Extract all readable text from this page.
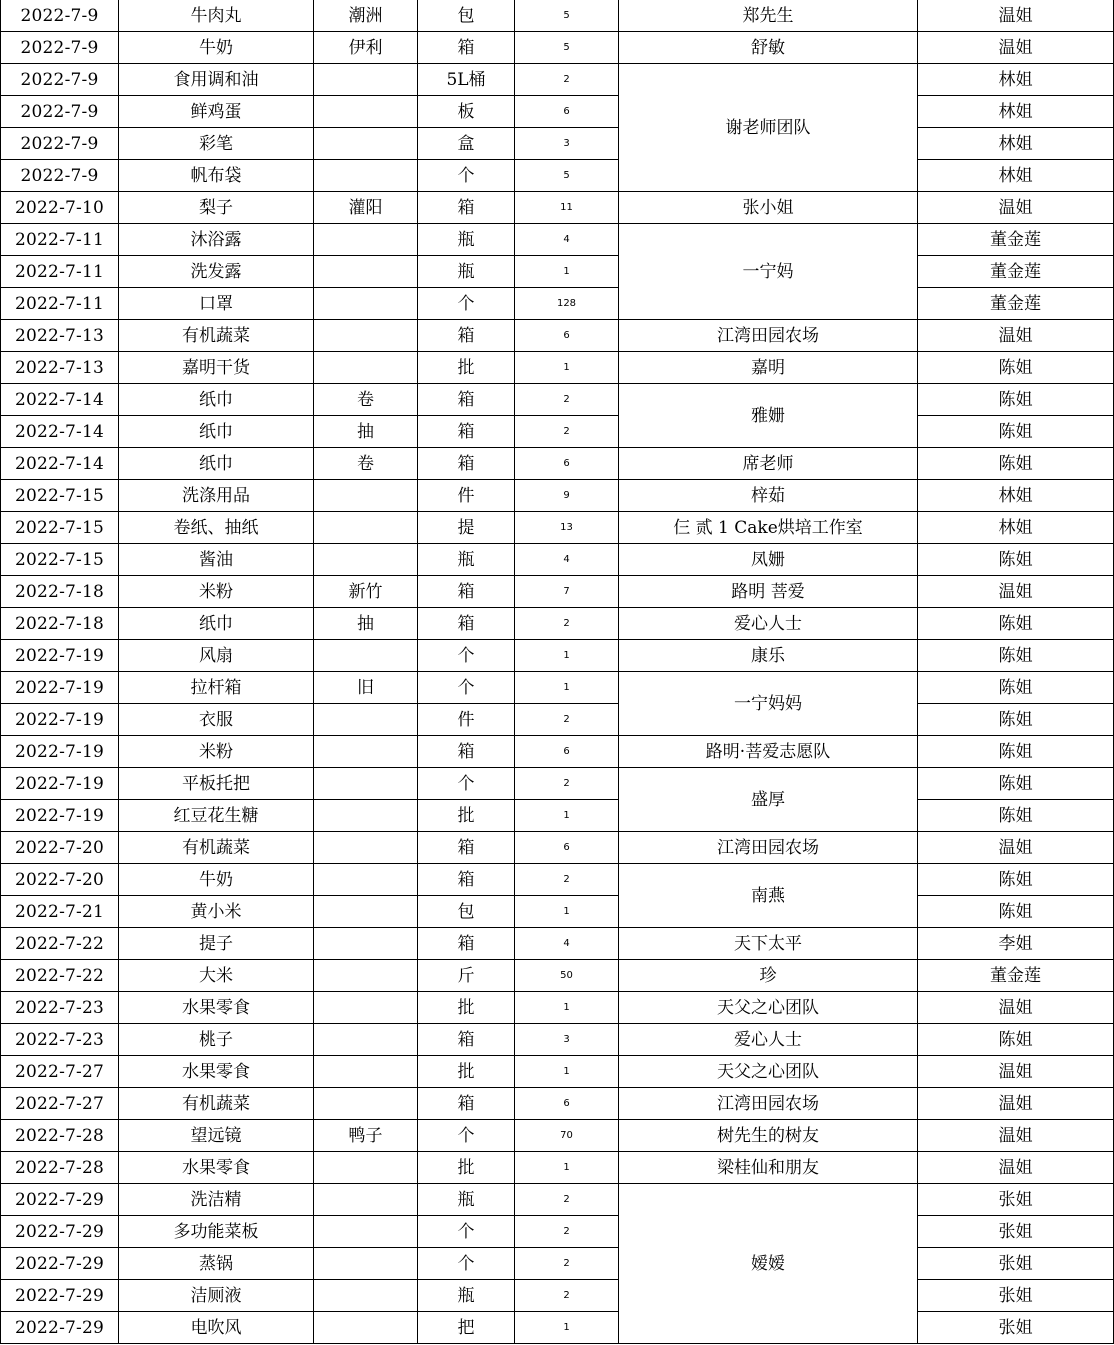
2022-7-9	牛肉丸	潮洲	包	5	郑先生	温姐
2022-7-9	牛奶	伊利	箱	5	舒敏	温姐
2022-7-9	食用调和油		5L桶	2	谢老师团队	林姐
2022-7-9	鲜鸡蛋		板	6		林姐
2022-7-9	彩笔		盒	3		林姐
2022-7-9	帆布袋		个	5		林姐
2022-7-10	梨子	灌阳	箱	11	张小姐	温姐
2022-7-11	沐浴露		瓶	4	一宁妈	董金莲
2022-7-11	洗发露		瓶	1		董金莲
2022-7-11	口罩		个	128		董金莲
2022-7-13	有机蔬菜		箱	6	江湾田园农场	温姐
2022-7-13	嘉明干货		批	1	嘉明	陈姐
2022-7-14	纸巾	卷	箱	2	雅姗	陈姐
2022-7-14	纸巾	抽	箱	2		陈姐
2022-7-14	纸巾	卷	箱	6	席老师	陈姐
2022-7-15	洗涤用品		件	9	梓茹	林姐
2022-7-15	卷纸、抽纸		提	13	仨 贰 1 Cake烘培工作室	林姐
2022-7-15	酱油		瓶	4	凤姗	陈姐
2022-7-18	米粉	新竹	箱	7	路明 菩爱	温姐
2022-7-18	纸巾	抽	箱	2	爱心人士	陈姐
2022-7-19	风扇		个	1	康乐	陈姐
2022-7-19	拉杆箱	旧	个	1	一宁妈妈	陈姐
2022-7-19	衣服		件	2		陈姐
2022-7-19	米粉		箱	6	路明·菩爱志愿队	陈姐
2022-7-19	平板托把		个	2	盛厚	陈姐
2022-7-19	红豆花生糖		批	1		陈姐
2022-7-20	有机蔬菜		箱	6	江湾田园农场	温姐
2022-7-20	牛奶		箱	2	南燕	陈姐
2022-7-21	黄小米		包	1		陈姐
2022-7-22	提子		箱	4	天下太平	李姐
2022-7-22	大米		斤	50	珍	董金莲
2022-7-23	水果零食		批	1	天父之心团队	温姐
2022-7-23	桃子		箱	3	爱心人士	陈姐
2022-7-27	水果零食		批	1	天父之心团队	温姐
2022-7-27	有机蔬菜		箱	6	江湾田园农场	温姐
2022-7-28	望远镜	鸭子	个	70	树先生的树友	温姐
2022-7-28	水果零食		批	1	梁桂仙和朋友	温姐
2022-7-29	洗洁精		瓶	2	嫒嫒	张姐
2022-7-29	多功能菜板		个	2		张姐
2022-7-29	蒸锅		个	2		张姐
2022-7-29	洁厕液		瓶	2		张姐
2022-7-29	电吹风		把	1		张姐
